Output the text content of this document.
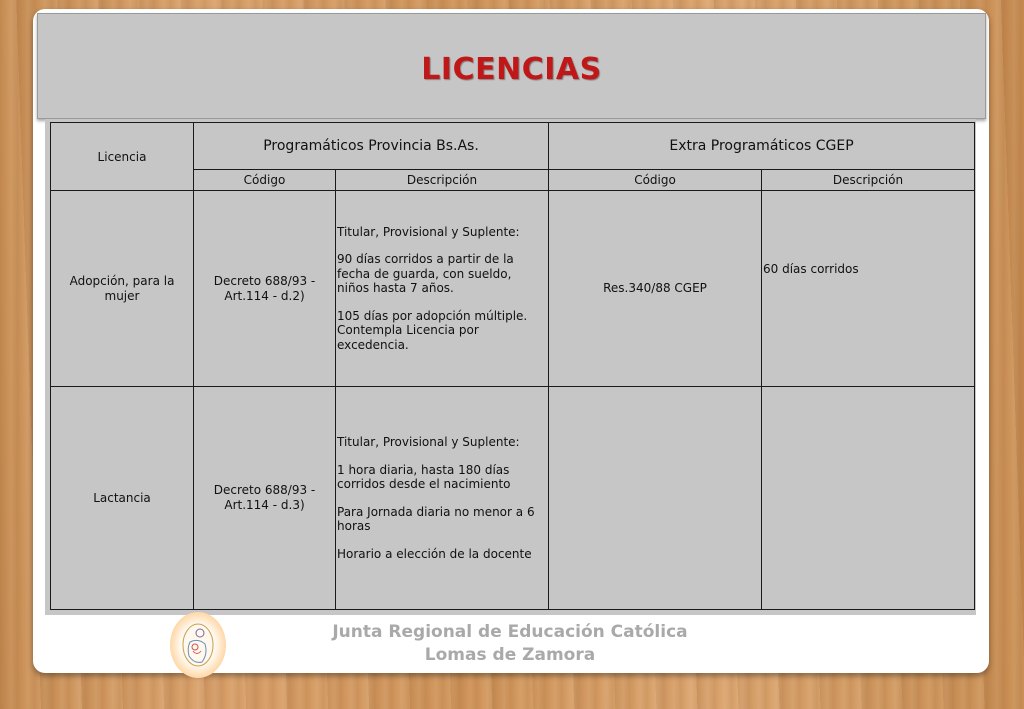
LICENCIAS
Licencia	Programáticos Provincia Bs.As.		Extra Programáticos CGEP	
	Código	Descripción	Código	Descripción
Adopción, para la mujer	Decreto 688/93 - Art.114 - d.2)	Titular, Provisional y Suplente:

90 días corridos a partir de la fecha de guarda, con sueldo, niños hasta 7 años.

105 días por adopción múltiple. Contempla Licencia por excedencia.	Res.340/88 CGEP	60 días corridos
Lactancia	Decreto 688/93 - Art.114 - d.3)	Titular, Provisional y Suplente:

1 hora diaria, hasta 180 días corridos desde el nacimiento

Para Jornada diaria no menor a 6 horas

Horario a elección de la docente		

Junta Regional de Educación Católica
Lomas de Zamora
